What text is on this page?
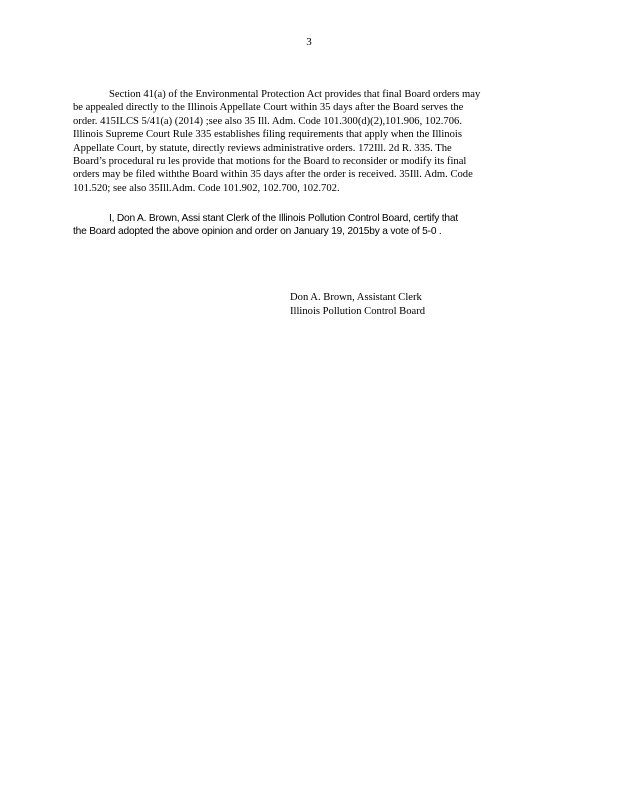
3
Section 41(a) of the Environmental Protection Act provides that final Board orders may
be appealed directly to the Illinois Appellate Court within 35 days after the Board serves the
order. 415ILCS 5/41(a) (2014) ;see also 35 Ill. Adm. Code 101.300(d)(2),101.906, 102.706.
Illinois Supreme Court Rule 335 establishes filing requirements that apply when the Illinois
Appellate Court, by statute, directly reviews administrative orders. 172Ill. 2d R. 335. The
Board’s procedural ru les provide that motions for the Board to reconsider or modify its final
orders may be filed withthe Board within 35 days after the order is received. 35Ill. Adm. Code
101.520; see also 35Ill.Adm. Code 101.902, 102.700, 102.702.
I, Don A. Brown, Assi stant Clerk of the Illinois Pollution Control Board, certify that
the Board adopted the above opinion and order on January 19, 2015by a vote of 5-0 .
Don A. Brown, Assistant Clerk
Illinois Pollution Control Board
